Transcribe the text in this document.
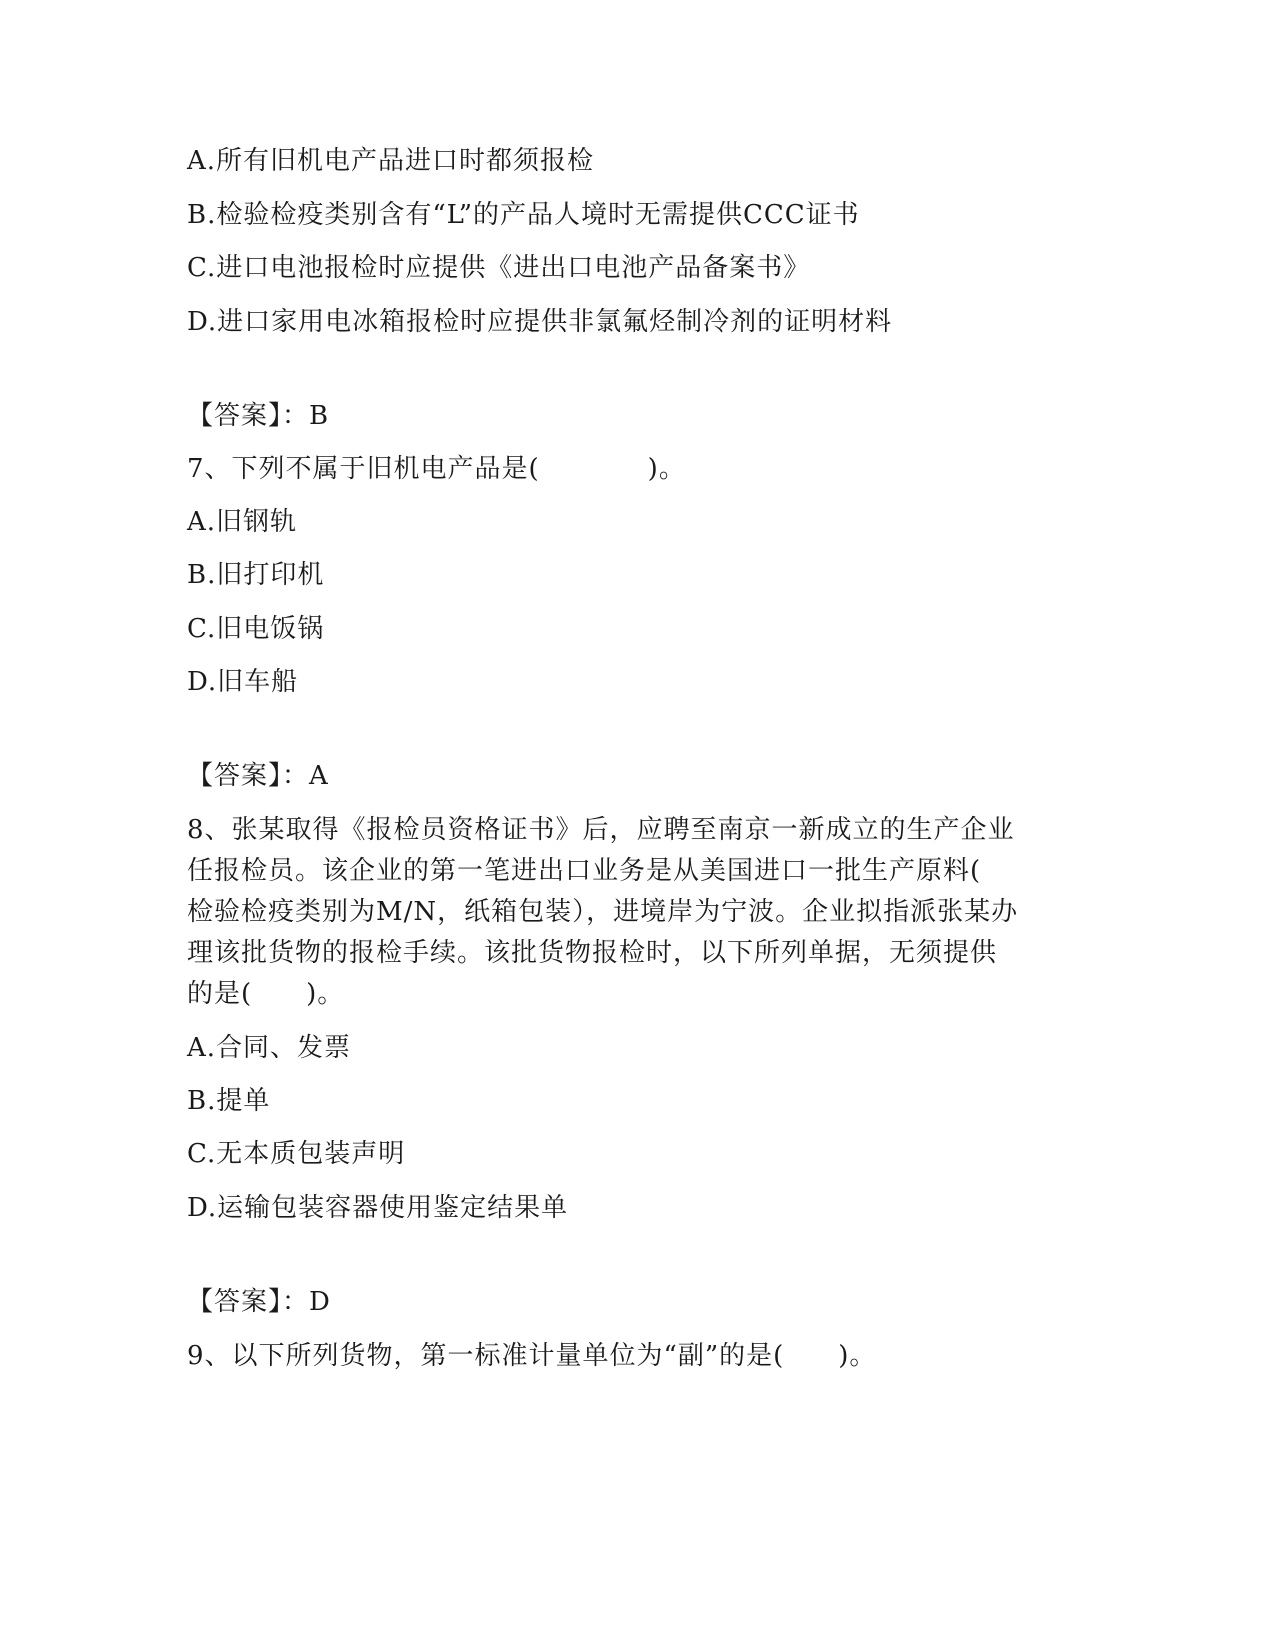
A.所有旧机电产品进口时都须报检
B.检验检疫类别含有“L”的产品人境时无需提供CCC证书
C.进口电池报检时应提供《进出口电池产品备案书》
D.进口家用电冰箱报检时应提供非氯氟烃制冷剂的证明材料
【答案】：B
7、下列不属于旧机电产品是(　　　　)。
A.旧钢轨
B.旧打印机
C.旧电饭锅
D.旧车船
【答案】：A
8、张某取得《报检员资格证书》后，应聘至南京一新成立的生产企业
任报检员。该企业的第一笔进出口业务是从美国进口一批生产原料(
检验检疫类别为M/N，纸箱包装），进境岸为宁波。企业拟指派张某办
理该批货物的报检手续。该批货物报检时，以下所列单据，无须提供
的是(　　)。
A.合同、发票
B.提单
C.无本质包装声明
D.运输包装容器使用鉴定结果单
【答案】：D
9、以下所列货物，第一标准计量单位为“副”的是(　　)。
